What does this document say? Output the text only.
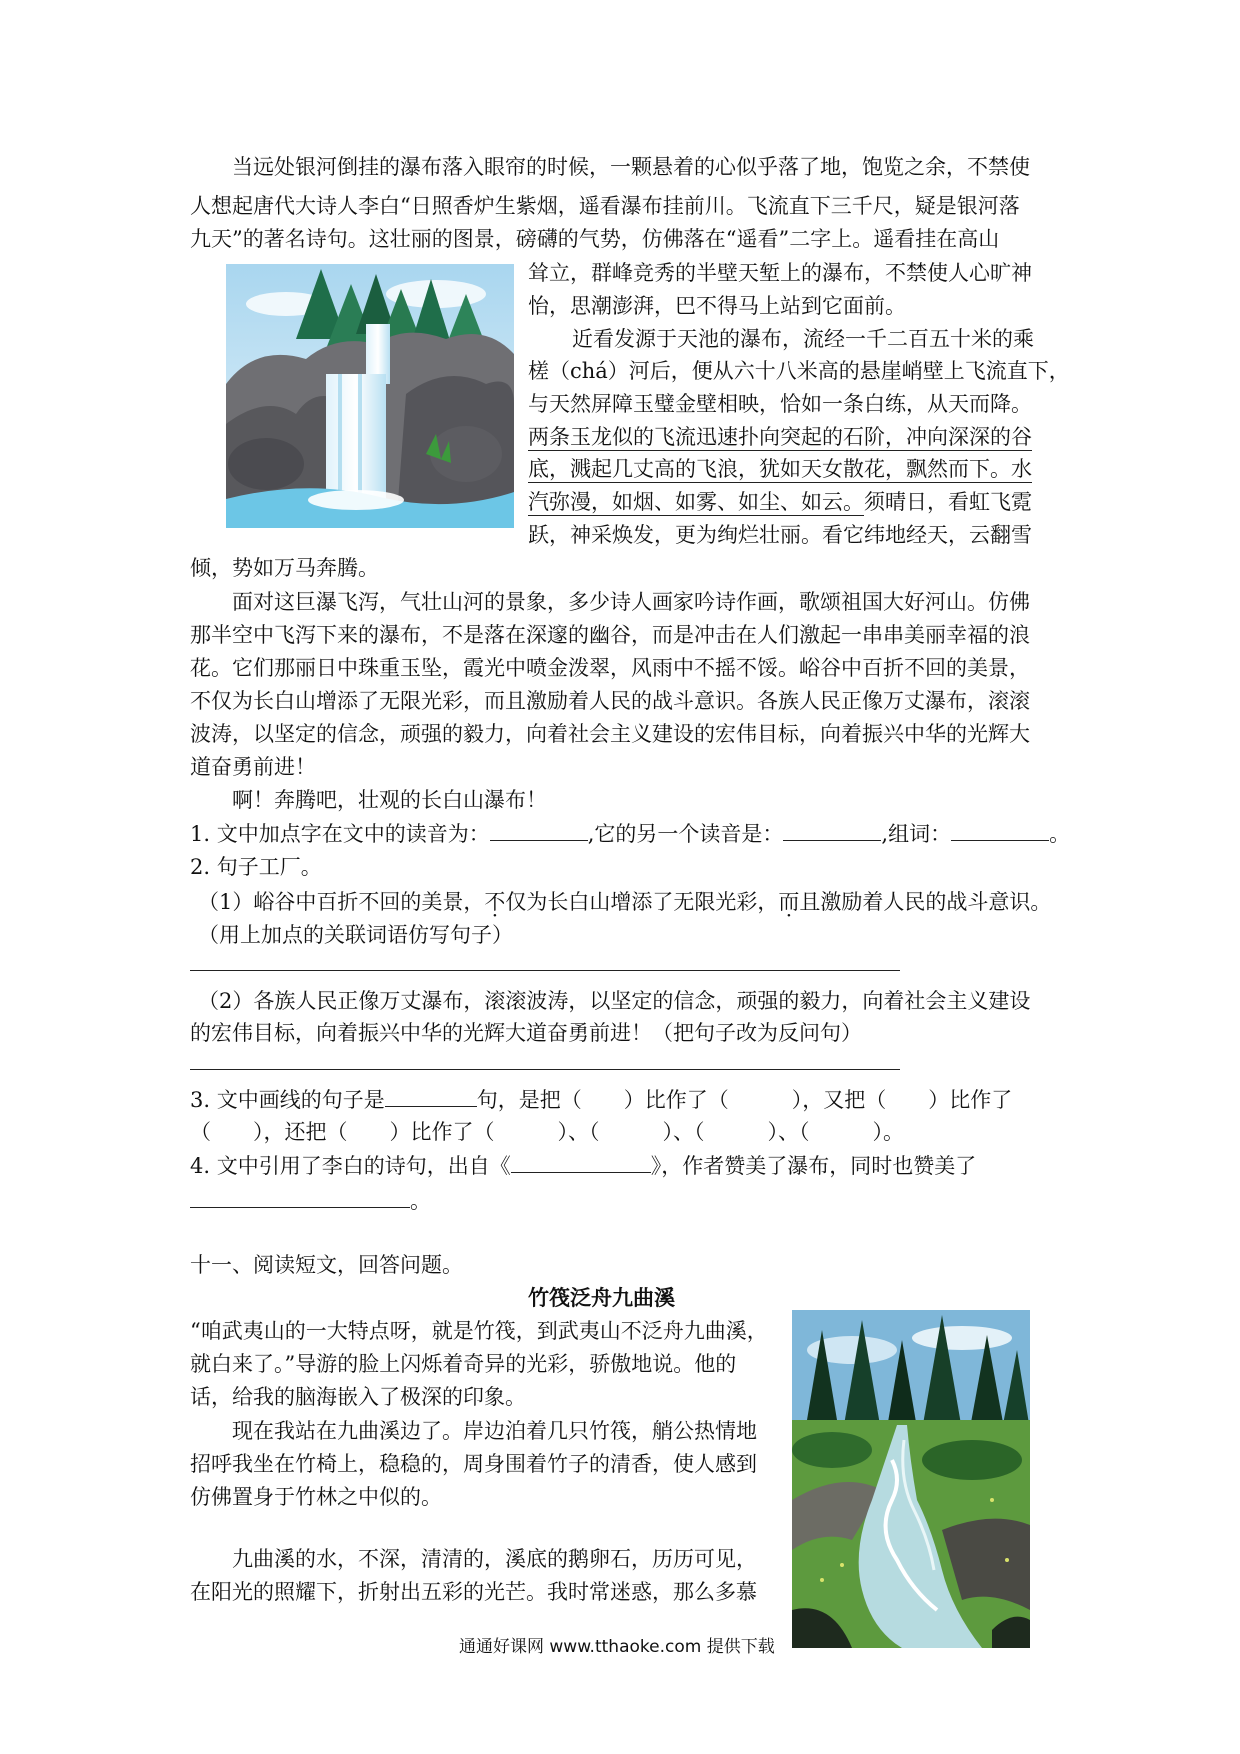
当远处银河倒挂的瀑布落入眼帘的时候，一颗悬着的心似乎落了地，饱览之余，不禁使
人想起唐代大诗人李白“日照香炉生紫烟，遥看瀑布挂前川。飞流直下三千尺，疑是银河落
九天”的著名诗句。这壮丽的图景，磅礴的气势，仿佛落在“遥看”二字上。遥看挂在高山
耸立，群峰竞秀的半壁天堑上的瀑布，不禁使人心旷神
怡，思潮澎湃，巴不得马上站到它面前。
近看发源于天池的瀑布，流经一千二百五十米的乘
槎（chá）河后，便从六十八米高的悬崖峭壁上飞流直下，
与天然屏障玉璧金壁相映，恰如一条白练，从天而降。
两条玉龙似的飞流迅速扑向突起的石阶，冲向深深的谷
底，溅起几丈高的飞浪，犹如天女散花，飘然而下。水
汽弥漫，如烟、如雾、如尘、如云。须晴日，看虹飞霓
跃，神采焕发，更为绚烂壮丽。看它纬地经天，云翻雪
倾，势如万马奔腾。
面对这巨瀑飞泻，气壮山河的景象，多少诗人画家吟诗作画，歌颂祖国大好河山。仿佛
那半空中飞泻下来的瀑布，不是落在深邃的幽谷，而是冲击在人们激起一串串美丽幸福的浪
花。它们那丽日中珠重玉坠，霞光中喷金泼翠，风雨中不摇不馁。峪谷中百折不回的美景，
不仅为长白山增添了无限光彩，而且激励着人民的战斗意识。各族人民正像万丈瀑布，滚滚
波涛，以坚定的信念，顽强的毅力，向着社会主义建设的宏伟目标，向着振兴中华的光辉大
道奋勇前进！
啊！奔腾吧，壮观的长白山瀑布！
1. 文中加点字在文中的读音为：	,它的另一个读音是：	,组词：	。
2. 句子工厂。
（1）峪谷中百折不回的美景，不仅为长白山增添了无限光彩，而且激励着人民的战斗意识。
（用上加点的关联词语仿写句子）
（2）各族人民正像万丈瀑布，滚滚波涛，以坚定的信念，顽强的毅力，向着社会主义建设
的宏伟目标，向着振兴中华的光辉大道奋勇前进！（把句子改为反问句）
3. 文中画线的句子是	句，是把（　　）比作了（　　　），又把（　　）比作了
（　　），还把（　　）比作了（　　　）、（　　　）、（　　　）、（　　　）。
4. 文中引用了李白的诗句，出自《	》，作者赞美了瀑布，同时也赞美了
。
十一、阅读短文，回答问题。
竹筏泛舟九曲溪
“咱武夷山的一大特点呀，就是竹筏，到武夷山不泛舟九曲溪，
就白来了。”导游的脸上闪烁着奇异的光彩，骄傲地说。他的
话，给我的脑海嵌入了极深的印象。
现在我站在九曲溪边了。岸边泊着几只竹筏，艄公热情地
招呼我坐在竹椅上，稳稳的，周身围着竹子的清香，使人感到
仿佛置身于竹林之中似的。
九曲溪的水，不深，清清的，溪底的鹅卵石，历历可见，
在阳光的照耀下，折射出五彩的光芒。我时常迷惑，那么多慕
通通好课网 www.tthaoke.com 提供下载
